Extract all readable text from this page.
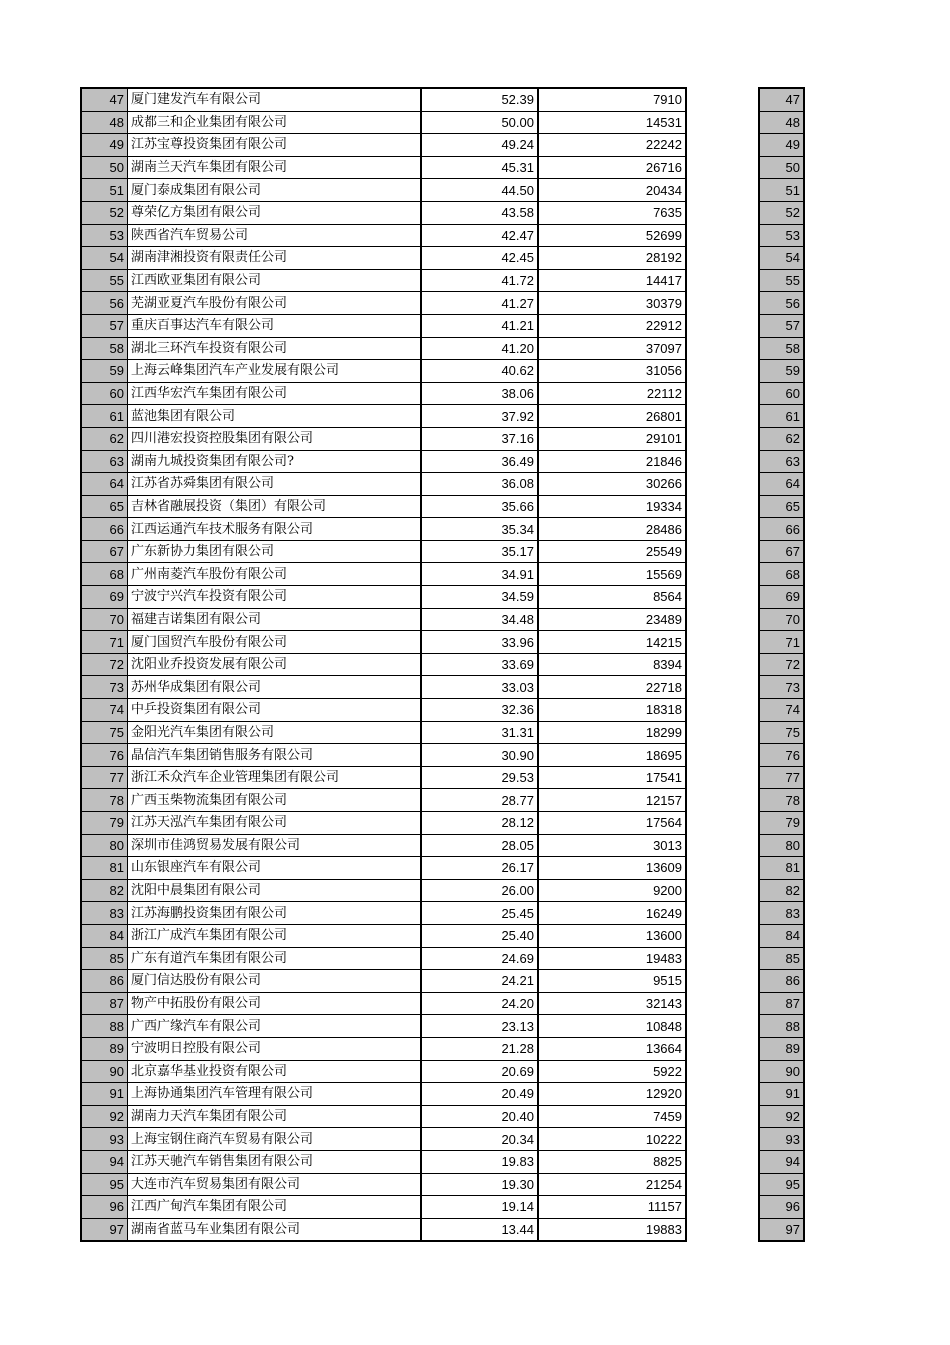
47	厦门建发汽车有限公司	52.39	7910
48	成都三和企业集团有限公司	50.00	14531
49	江苏宝尊投资集团有限公司	49.24	22242
50	湖南兰天汽车集团有限公司	45.31	26716
51	厦门泰成集团有限公司	44.50	20434
52	尊荣亿方集团有限公司	43.58	7635
53	陕西省汽车贸易公司	42.47	52699
54	湖南津湘投资有限责任公司	42.45	28192
55	江西欧亚集团有限公司	41.72	14417
56	芜湖亚夏汽车股份有限公司	41.27	30379
57	重庆百事达汽车有限公司	41.21	22912
58	湖北三环汽车投资有限公司	41.20	37097
59	上海云峰集团汽车产业发展有限公司	40.62	31056
60	江西华宏汽车集团有限公司	38.06	22112
61	蓝池集团有限公司	37.92	26801
62	四川港宏投资控股集团有限公司	37.16	29101
63	湖南九城投资集团有限公司?	36.49	21846
64	江苏省苏舜集团有限公司	36.08	30266
65	吉林省融展投资（集团）有限公司	35.66	19334
66	江西运通汽车技术服务有限公司	35.34	28486
67	广东新协力集团有限公司	35.17	25549
68	广州南菱汽车股份有限公司	34.91	15569
69	宁波宁兴汽车投资有限公司	34.59	8564
70	福建吉诺集团有限公司	34.48	23489
71	厦门国贸汽车股份有限公司	33.96	14215
72	沈阳业乔投资发展有限公司	33.69	8394
73	苏州华成集团有限公司	33.03	22718
74	中乒投资集团有限公司	32.36	18318
75	金阳光汽车集团有限公司	31.31	18299
76	晶信汽车集团销售服务有限公司	30.90	18695
77	浙江禾众汽车企业管理集团有限公司	29.53	17541
78	广西玉柴物流集团有限公司	28.77	12157
79	江苏天泓汽车集团有限公司	28.12	17564
80	深圳市佳鸿贸易发展有限公司	28.05	3013
81	山东银座汽车有限公司	26.17	13609
82	沈阳中晨集团有限公司	26.00	9200
83	江苏海鹏投资集团有限公司	25.45	16249
84	浙江广成汽车集团有限公司	25.40	13600
85	广东有道汽车集团有限公司	24.69	19483
86	厦门信达股份有限公司	24.21	9515
87	物产中拓股份有限公司	24.20	32143
88	广西广缘汽车有限公司	23.13	10848
89	宁波明日控股有限公司	21.28	13664
90	北京嘉华基业投资有限公司	20.69	5922
91	上海协通集团汽车管理有限公司	20.49	12920
92	湖南力天汽车集团有限公司	20.40	7459
93	上海宝钢住商汽车贸易有限公司	20.34	10222
94	江苏天驰汽车销售集团有限公司	19.83	8825
95	大连市汽车贸易集团有限公司	19.30	21254
96	江西广甸汽车集团有限公司	19.14	11157
97	湖南省蓝马车业集团有限公司	13.44	19883
47
48
49
50
51
52
53
54
55
56
57
58
59
60
61
62
63
64
65
66
67
68
69
70
71
72
73
74
75
76
77
78
79
80
81
82
83
84
85
86
87
88
89
90
91
92
93
94
95
96
97
